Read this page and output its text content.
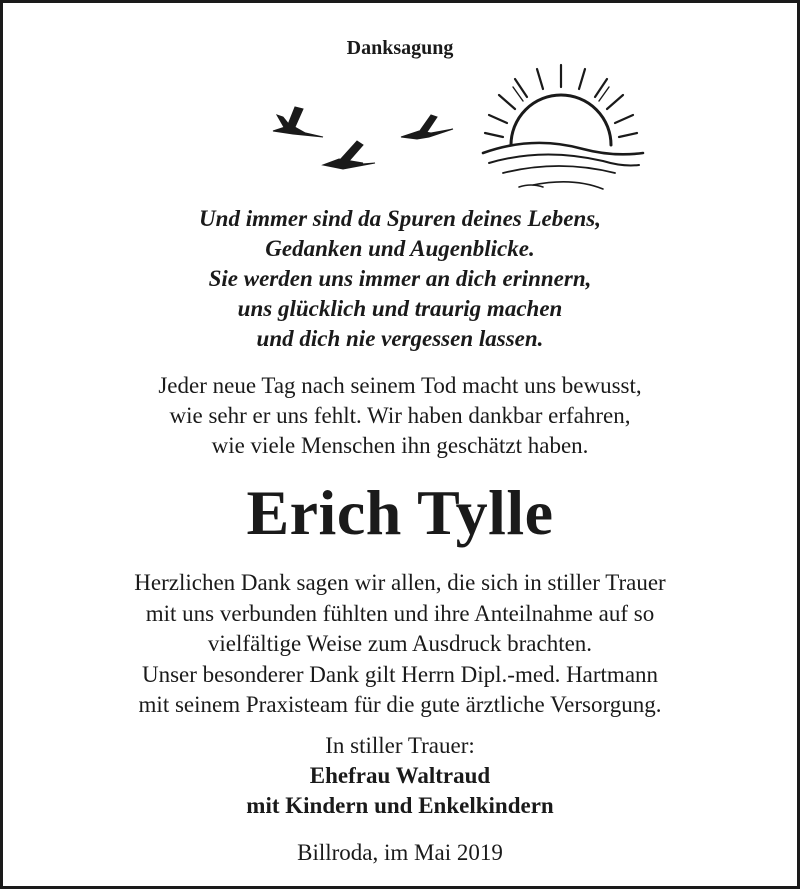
Danksagung
Und immer sind da Spuren deines Lebens,
Gedanken und Augenblicke.
Sie werden uns immer an dich erinnern,
uns glücklich und traurig machen
und dich nie vergessen lassen.
Jeder neue Tag nach seinem Tod macht uns bewusst,
wie sehr er uns fehlt. Wir haben dankbar erfahren,
wie viele Menschen ihn geschätzt haben.
Erich Tylle
Herzlichen Dank sagen wir allen, die sich in stiller Trauer
mit uns verbunden fühlten und ihre Anteilnahme auf so
vielfältige Weise zum Ausdruck brachten.
Unser besonderer Dank gilt Herrn Dipl.-med. Hartmann
mit seinem Praxisteam für die gute ärztliche Versorgung.
In stiller Trauer:
Ehefrau Waltraud
mit Kindern und Enkelkindern
Billroda, im Mai 2019
